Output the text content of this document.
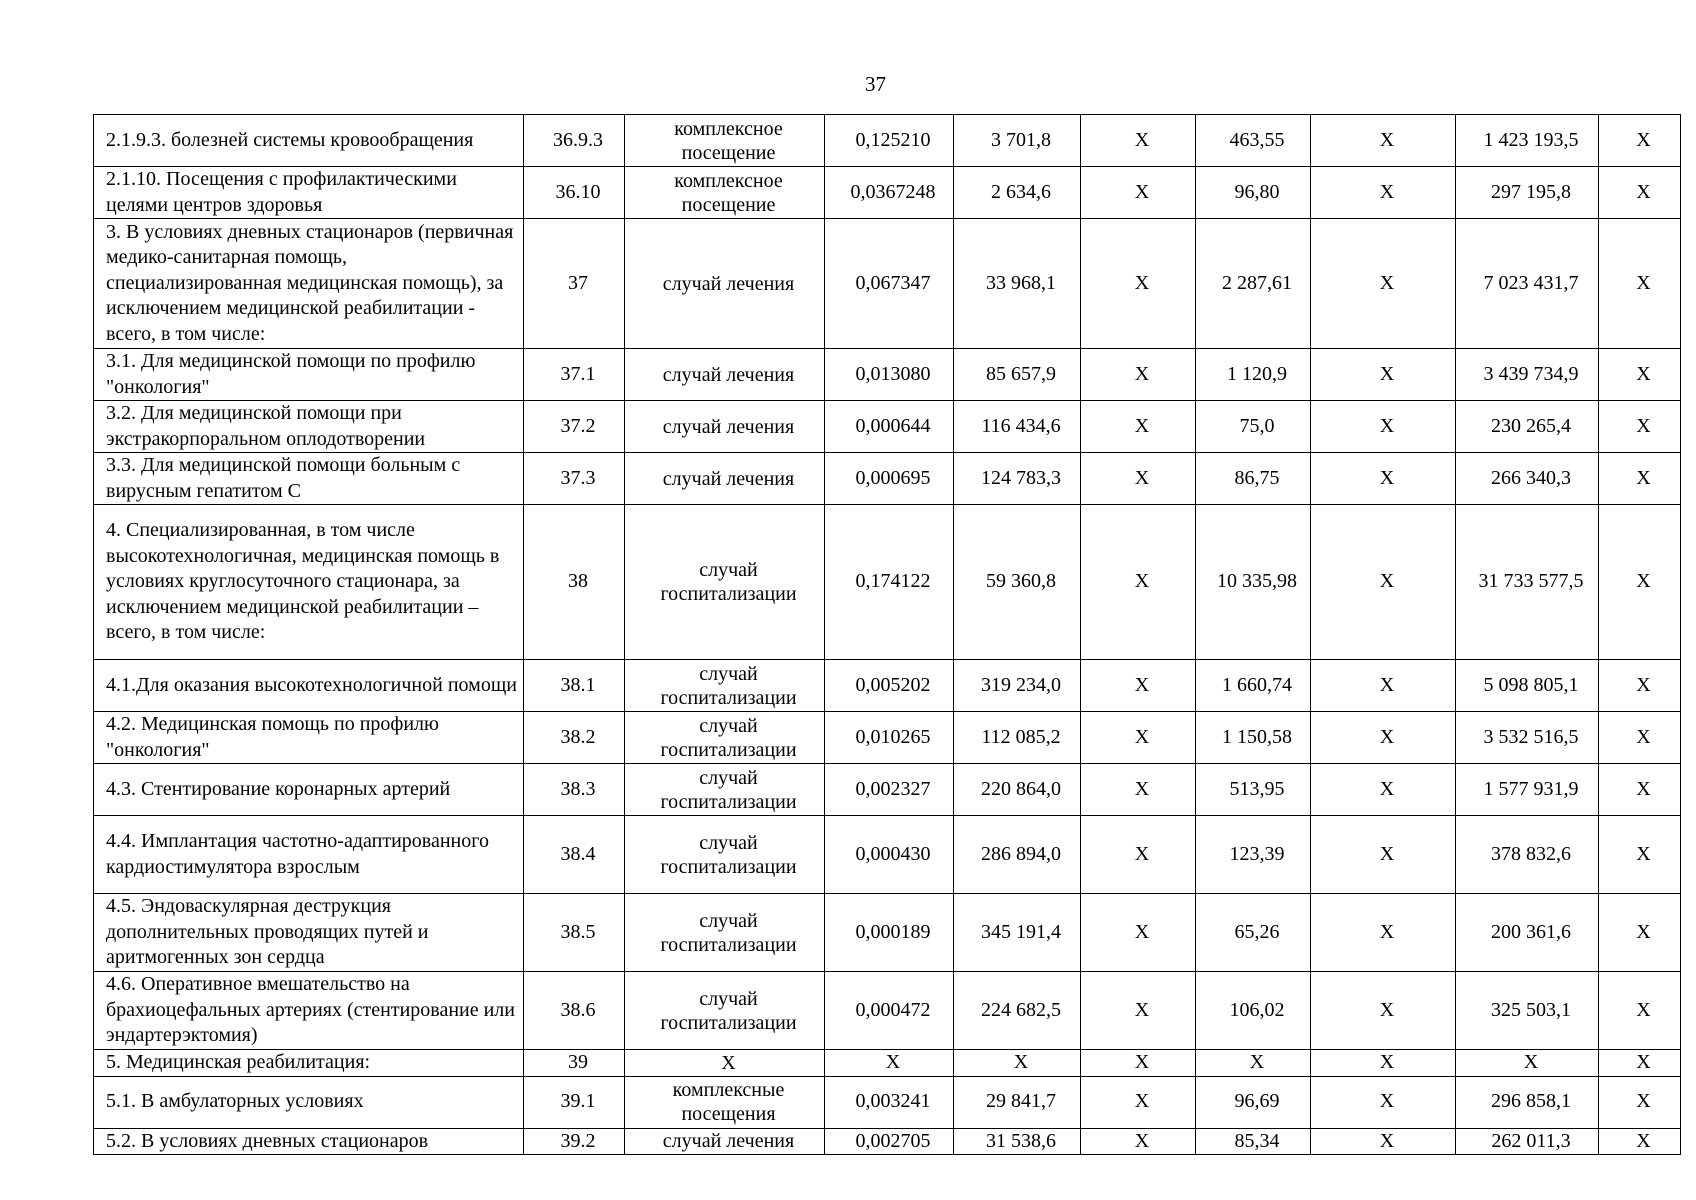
37
2.1.9.3. болезней системы кровообращения	36.9.3	комплексное посещение	0,125210	3 701,8	X	463,55	X	1 423 193,5	X
2.1.10. Посещения с профилактическими целями центров здоровья	36.10	комплексное посещение	0,0367248	2 634,6	X	96,80	X	297 195,8	X
3. В условиях дневных стационаров (первичная медико-санитарная помощь, специализированная медицинская помощь), за исключением медицинской реабилитации - всего, в том числе:	37	случай лечения	0,067347	33 968,1	X	2 287,61	X	7 023 431,7	X
3.1. Для медицинской помощи по профилю "онкология"	37.1	случай лечения	0,013080	85 657,9	X	1 120,9	X	3 439 734,9	X
3.2. Для медицинской помощи при экстракорпоральном оплодотворении	37.2	случай лечения	0,000644	116 434,6	X	75,0	X	230 265,4	X
3.3. Для медицинской помощи больным с вирусным гепатитом С	37.3	случай лечения	0,000695	124 783,3	X	86,75	X	266 340,3	X
4. Специализированная, в том числе высокотехнологичная, медицинская помощь в условиях круглосуточного стационара, за исключением медицинской реабилитации – всего, в том числе:	38	случай госпитализации	0,174122	59 360,8	X	10 335,98	X	31 733 577,5	X
4.1.Для оказания высокотехнологичной помощи	38.1	случай госпитализации	0,005202	319 234,0	X	1 660,74	X	5 098 805,1	X
4.2. Медицинская помощь по профилю "онкология"	38.2	случай госпитализации	0,010265	112 085,2	X	1 150,58	X	3 532 516,5	X
4.3. Стентирование коронарных артерий	38.3	случай госпитализации	0,002327	220 864,0	X	513,95	X	1 577 931,9	X
4.4. Имплантация частотно-адаптированного кардиостимулятора взрослым	38.4	случай госпитализации	0,000430	286 894,0	X	123,39	X	378 832,6	X
4.5. Эндоваскулярная деструкция дополнительных проводящих путей и аритмогенных зон сердца	38.5	случай госпитализации	0,000189	345 191,4	X	65,26	X	200 361,6	X
4.6. Оперативное вмешательство на брахиоцефальных артериях (стентирование или эндартерэктомия)	38.6	случай госпитализации	0,000472	224 682,5	X	106,02	X	325 503,1	X
5. Медицинская реабилитация:	39	X	X	X	X	X	X	X	X
5.1. В амбулаторных условиях	39.1	комплексные посещения	0,003241	29 841,7	X	96,69	X	296 858,1	X
5.2. В условиях дневных стационаров	39.2	случай лечения	0,002705	31 538,6	X	85,34	X	262 011,3	X
